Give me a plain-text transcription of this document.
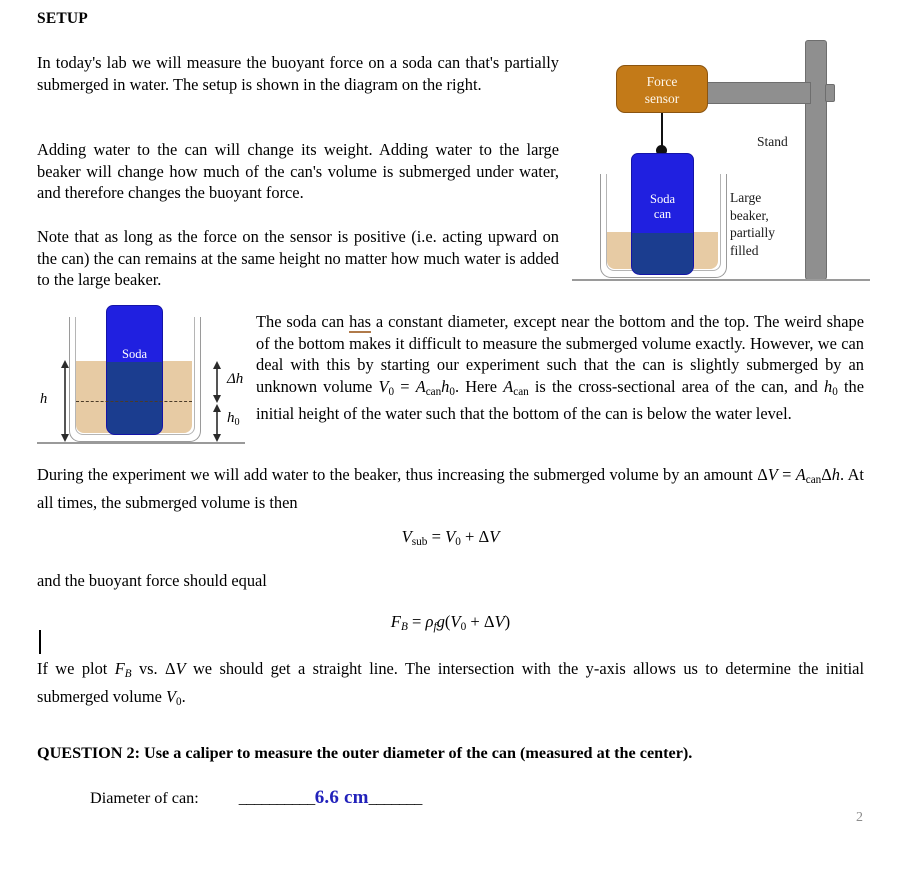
SETUP
In today's lab we will measure the buoyant force on a soda can that's partially submerged in water. The setup is shown in the diagram on the right.
Adding water to the can will change its weight. Adding water to the large beaker will change how much of the can's volume is submerged under water, and therefore changes the buoyant force.
Note that as long as the force on the sensor is positive (i.e. acting upward on the can) the can remains at the same height no matter how much water is added to the large beaker.
Force
sensor
Soda
can
Stand
Large
beaker,
partially
filled
Soda
h
Δh
$h_0$
The soda can has a constant diameter, except near the bottom and the top. The weird shape of the bottom makes it difficult to measure the submerged volume exactly. However, we can deal with this by starting our experiment such that the can is slightly submerged by an unknown volume $V_0 = A_{can}h_0$. Here $A_{can}$ is the cross-sectional area of the can, and $h_0$ the initial height of the water such that the bottom of the can is below the water level.
During the experiment we will add water to the beaker, thus increasing the submerged volume by an amount $\Delta V = A_{can}\Delta h$. At all times, the submerged volume is then
$V_{sub} = V_0 + \Delta V$
and the buoyant force should equal
FB = $\rho fg(V_0 + \Delta V)$
If we plot FB vs. ΔV we should get a straight line. The intersection with the y-axis allows us to determine the initial submerged volume $V_0$.
QUESTION 2: Use a caliper to measure the outer diameter of the can (measured at the center).
Diameter of can: __________6.6 cm_______
2
